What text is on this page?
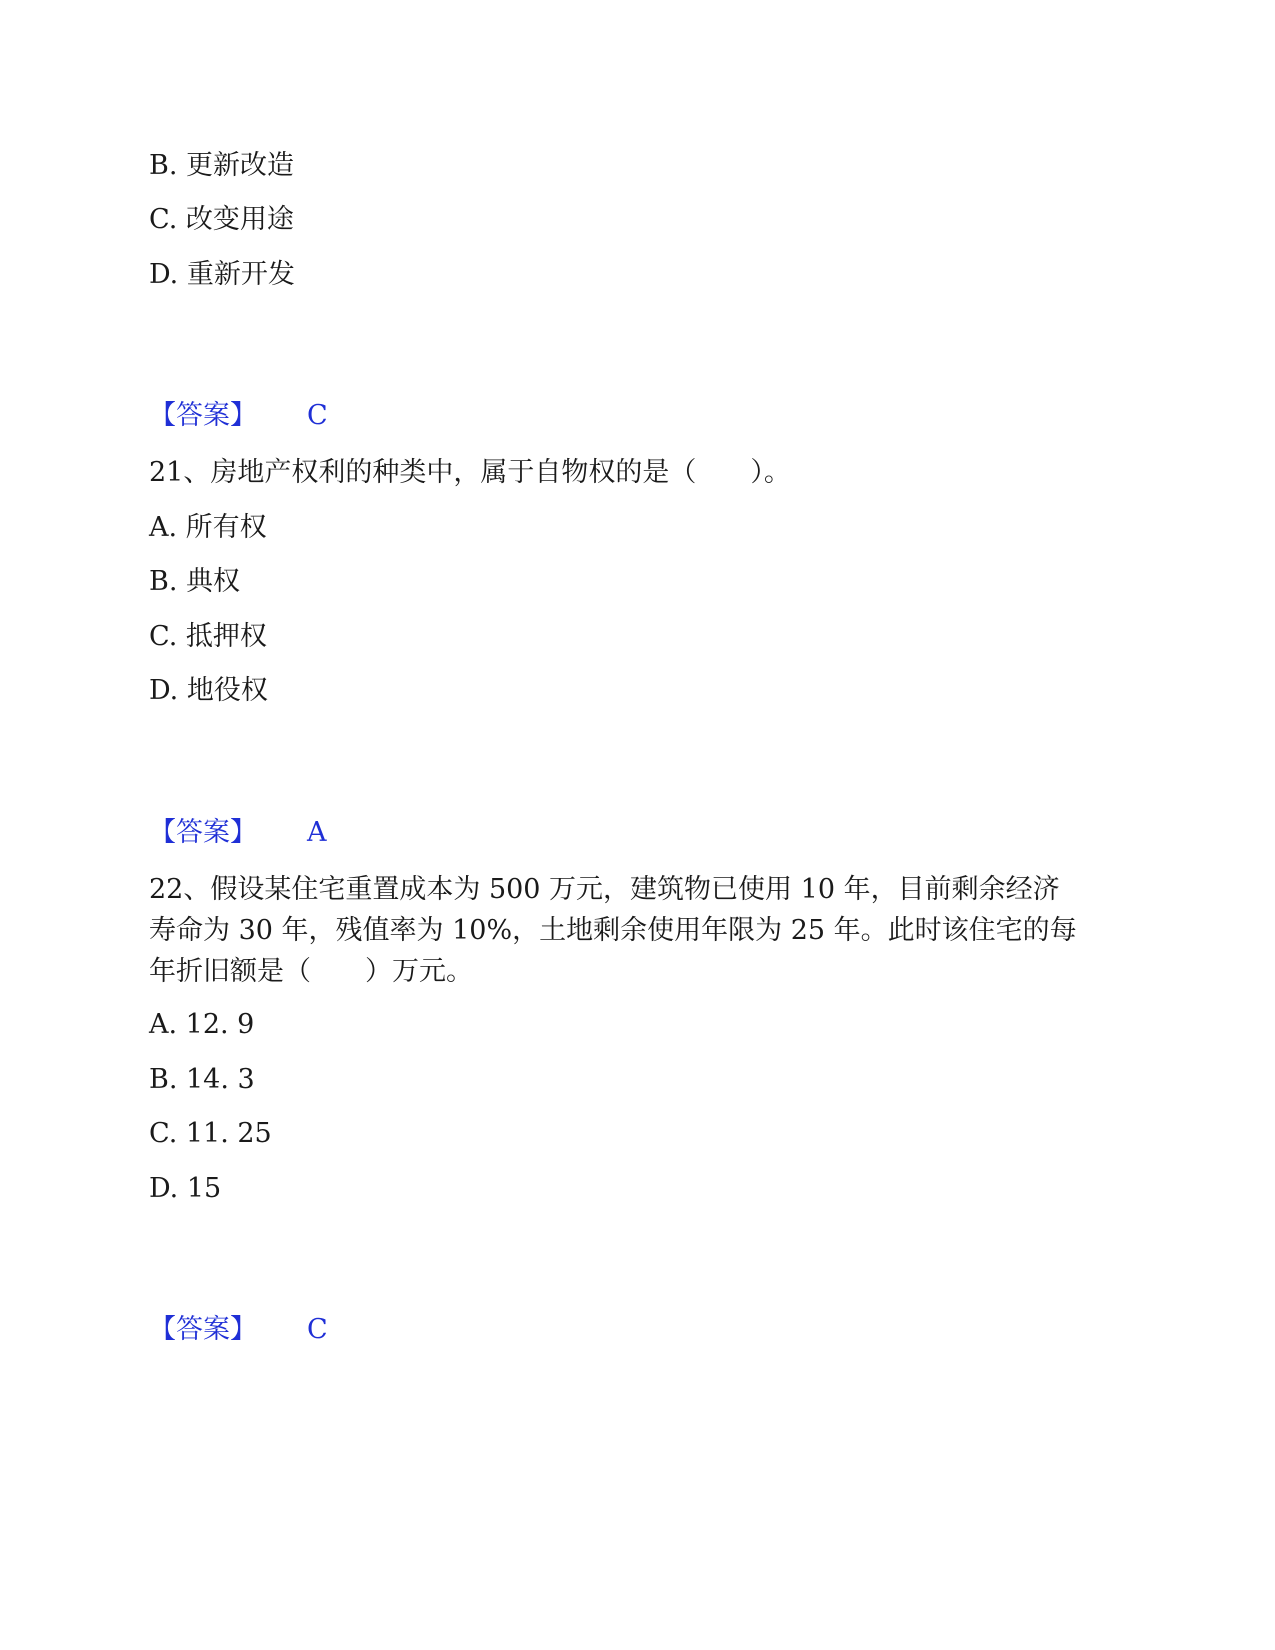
B. 更新改造
C. 改变用途
D. 重新开发
【答案】 C
21、房地产权利的种类中，属于自物权的是（　　）。
A. 所有权
B. 典权
C. 抵押权
D. 地役权
【答案】 A
22、假设某住宅重置成本为 500 万元，建筑物已使用 10 年，目前剩余经济
寿命为 30 年，残值率为 10%，土地剩余使用年限为 25 年。此时该住宅的每
年折旧额是（　　）万元。
A. 12. 9
B. 14. 3
C. 11. 25
D. 15
【答案】 C
